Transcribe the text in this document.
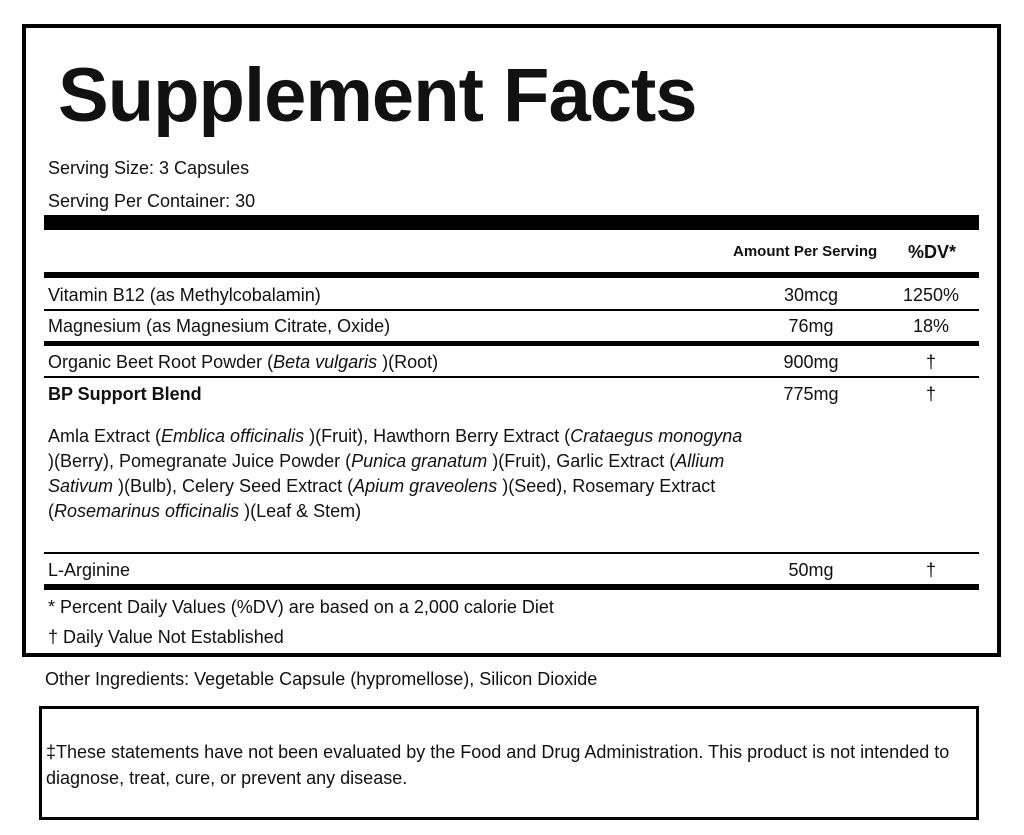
Supplement Facts
Serving Size: 3 Capsules
Serving Per Container: 30
Amount Per Serving %DV*
Vitamin B12 (as Methylcobalamin)	30mcg	1250%
Magnesium (as Magnesium Citrate, Oxide)	76mg	18%
Organic Beet Root Powder (Beta vulgaris )(Root)	900mg	†
BP Support Blend	775mg	†
Amla Extract (Emblica officinalis )(Fruit), Hawthorn Berry Extract (Crataegus monogyna )(Berry), Pomegranate Juice Powder (Punica granatum )(Fruit), Garlic Extract (Allium Sativum )(Bulb), Celery Seed Extract (Apium graveolens )(Seed), Rosemary Extract (Rosemarinus officinalis )(Leaf & Stem)
L-Arginine	50mg	†
* Percent Daily Values (%DV) are based on a 2,000 calorie Diet
† Daily Value Not Established
Other Ingredients: Vegetable Capsule (hypromellose), Silicon Dioxide
‡These statements have not been evaluated by the Food and Drug Administration. This product is not intended to diagnose, treat, cure, or prevent any disease.
